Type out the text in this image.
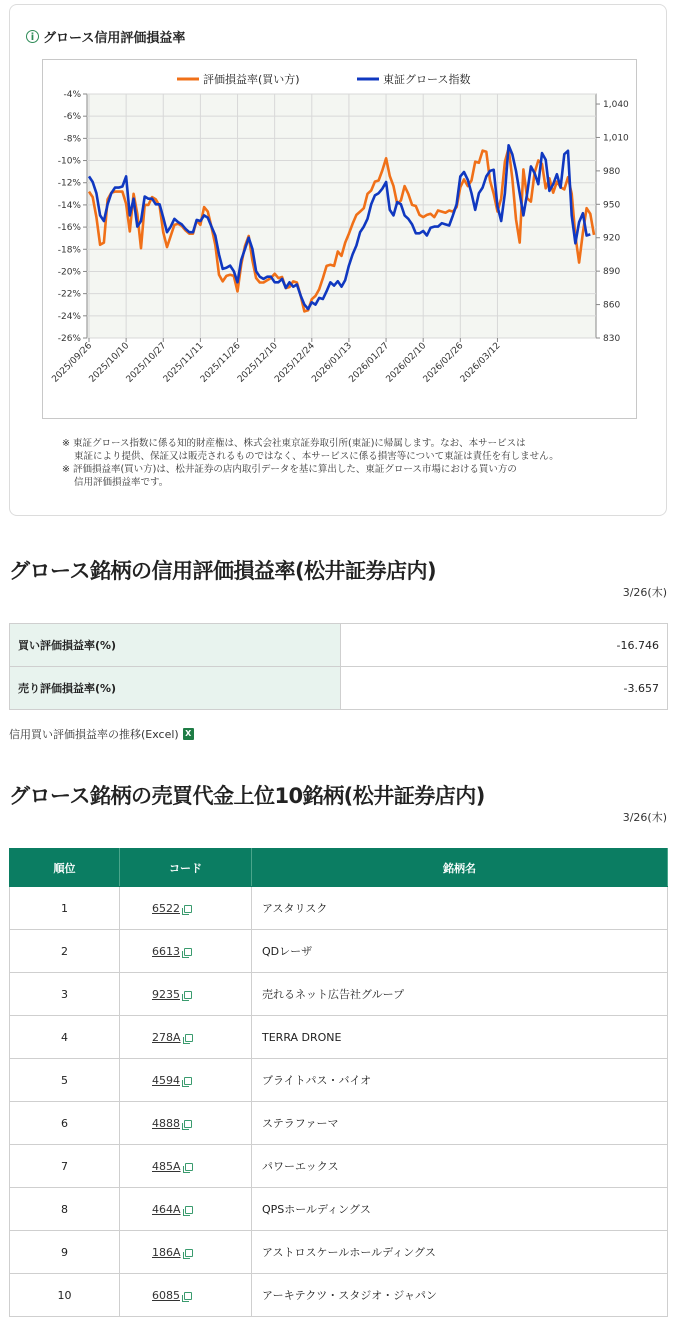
i グロース信用評価損益率
-4%
-6%
-8%
-10%
-12%
-14%
-16%
-18%
-20%
-22%
-24%
-26%
1,040
1,010
980
950
920
890
860
830
2025/09/26
2025/10/10
2025/10/27
2025/11/11
2025/11/26
2025/12/10
2025/12/24
2026/01/13
2026/01/27
2026/02/10
2026/02/26
2026/03/12
評価損益率(買い方)	東証グロース指数

※ 東証グロース指数に係る知的財産権は、株式会社東京証券取引所(東証)に帰属します。なお、本サービスは

東証により提供、保証又は販売されるものではなく、本サービスに係る損害等について東証は責任を有しません。

※ 評価損益率(買い方)は、松井証券の店内取引データを基に算出した、東証グロース市場における買い方の

信用評価損益率です。

グロース銘柄の信用評価損益率(松井証券店内)
3/26(木)
買い評価損益率(%)	-16.746
売り評価損益率(%)	-3.657
信用買い評価損益率の推移(Excel) X
グロース銘柄の売買代金上位10銘柄(松井証券店内)
3/26(木)
順位	コード	銘柄名
1	6522	アスタリスク
2	6613	QDレーザ
3	9235	売れるネット広告社グループ
4	278A	TERRA DRONE
5	4594	ブライトパス・バイオ
6	4888	ステラファーマ
7	485A	パワーエックス
8	464A	QPSホールディングス
9	186A	アストロスケールホールディングス
10	6085	アーキテクツ・スタジオ・ジャパン
